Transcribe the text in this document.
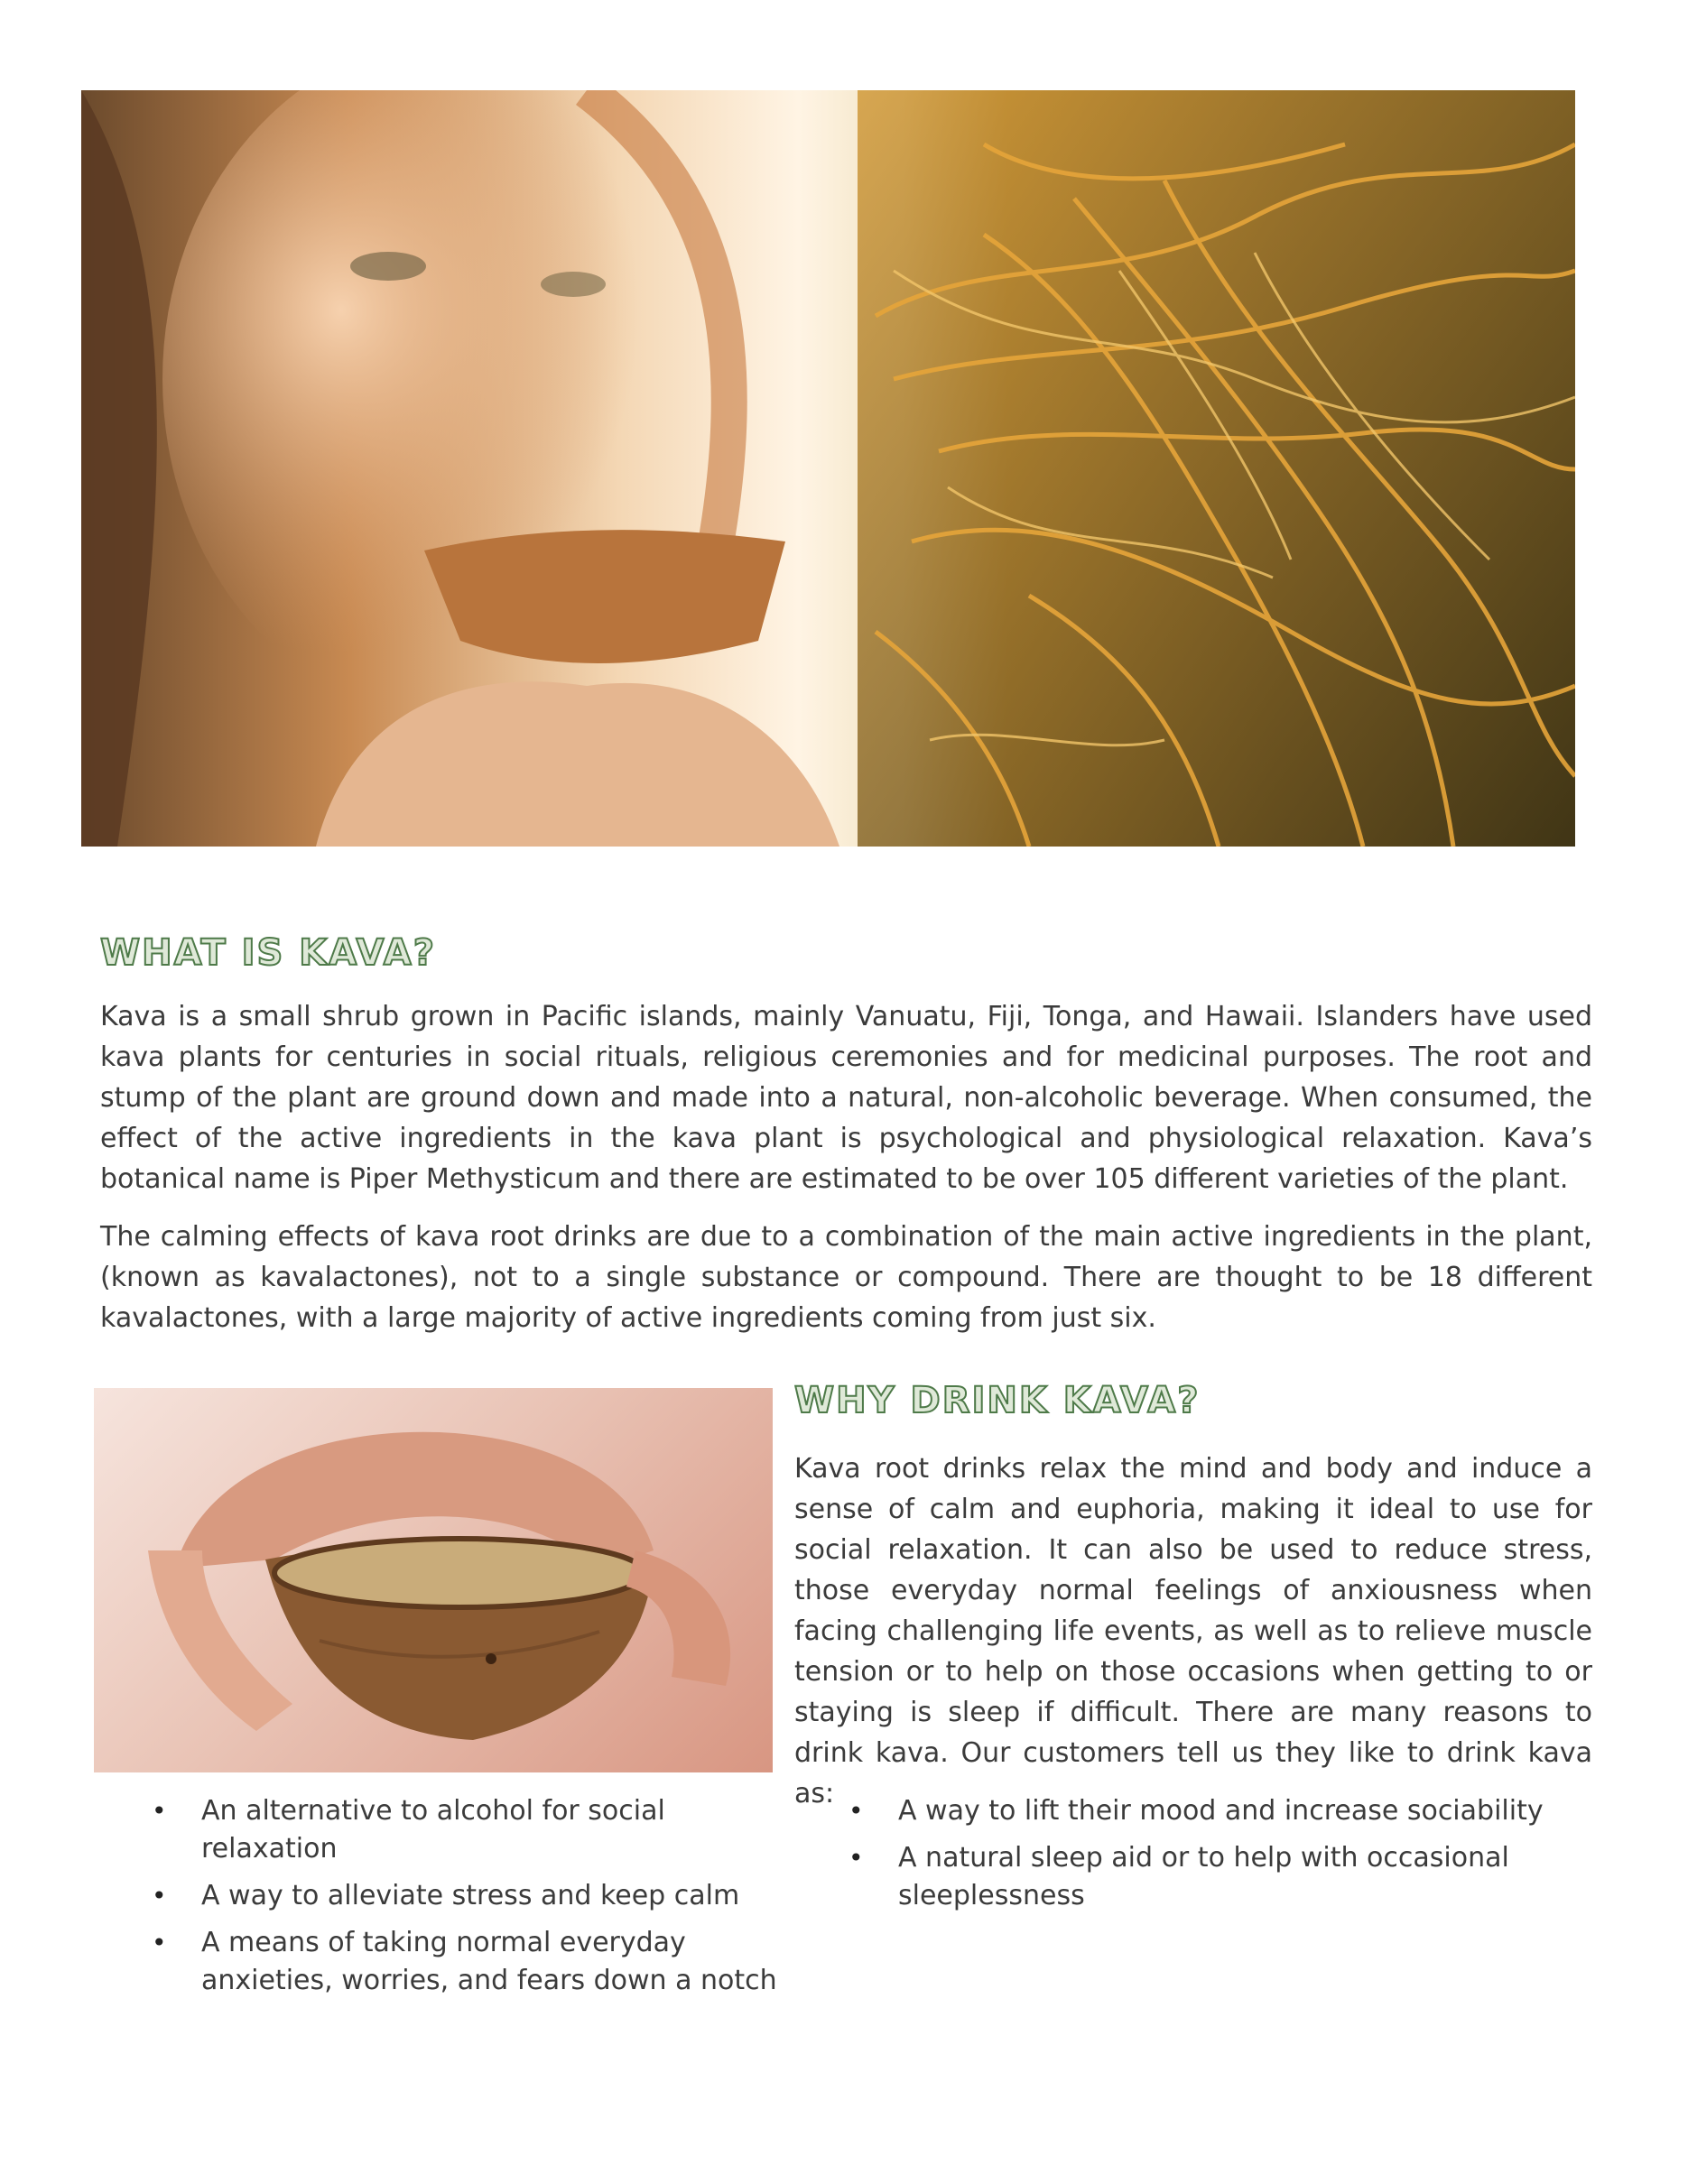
WHAT IS KAVA?

Kava is a small shrub grown in Pacific islands, mainly Vanuatu, Fiji, Tonga, and Hawaii. Islanders have used kava plants for centuries in social rituals, religious ceremonies and for medicinal purposes. The root and stump of the plant are ground down and made into a natural, non-alcoholic beverage. When consumed, the effect of the active ingredients in the kava plant is psychological and physiological relaxation. Kava’s botanical name is Piper Methysticum and there are estimated to be over 105 different varieties of the plant.

The calming effects of kava root drinks are due to a combination of the main active ingredients in the plant, (known as kavalactones), not to a single substance or compound. There are thought to be 18 different kavalactones, with a large majority of active ingredients coming from just six.

WHY DRINK KAVA?

Kava root drinks relax the mind and body and induce a sense of calm and euphoria, making it ideal to use for social relaxation. It can also be used to reduce stress, those everyday normal feelings of anxiousness when facing challenging life events, as well as to relieve muscle tension or to help on those occasions when getting to or staying is sleep if difficult. There are many reasons to drink kava. Our customers tell us they like to drink kava as:

• An alternative to alcohol for social relaxation
• A way to alleviate stress and keep calm
• A means of taking normal everyday anxieties, worries, and fears down a notch
• A way to lift their mood and increase sociability
• A natural sleep aid or to help with occasional sleeplessness
